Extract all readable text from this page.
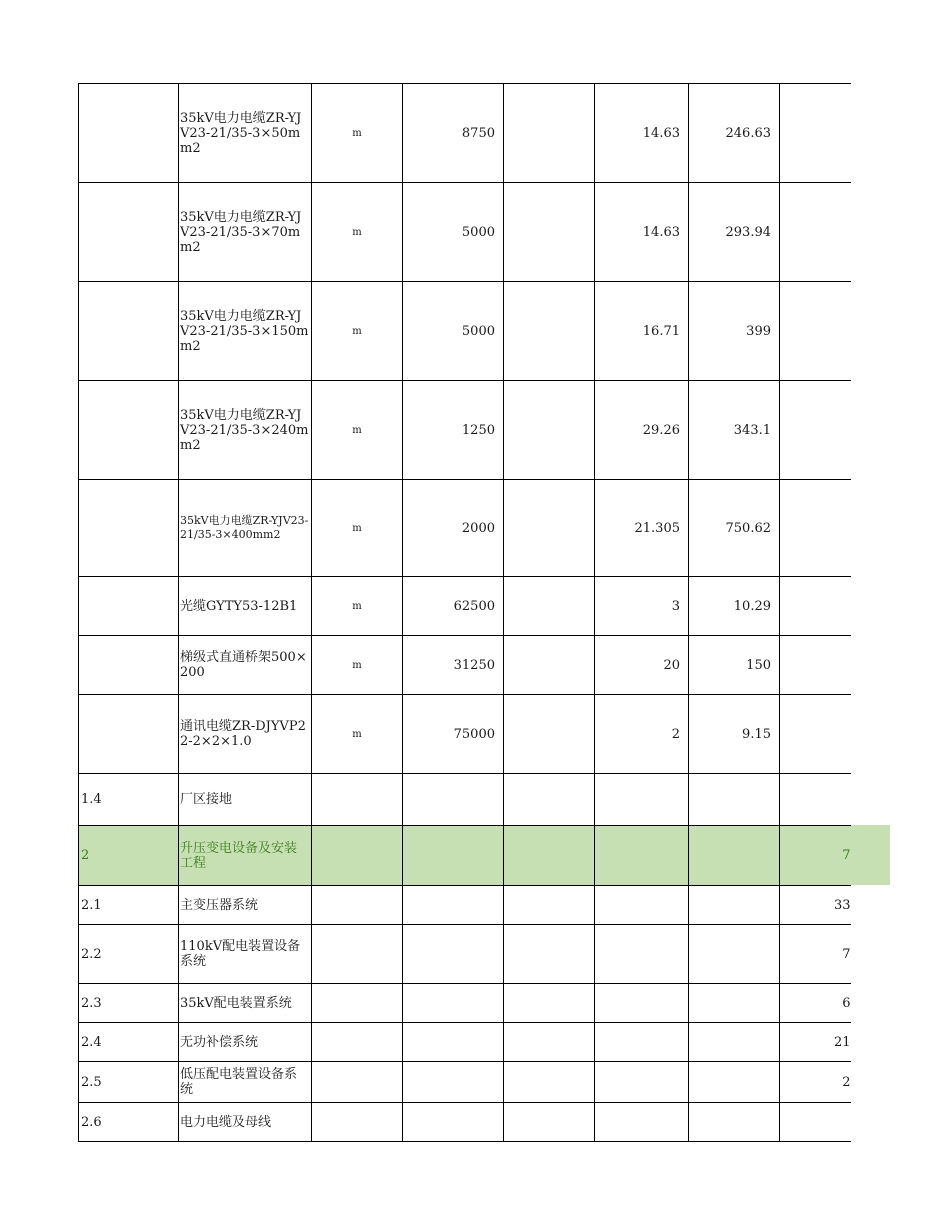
	35kV电力电缆ZR-YJV23-21/35-3×50mm2	m	8750		14.63	246.63	
	35kV电力电缆ZR-YJV23-21/35-3×70mm2	m	5000		14.63	293.94	
	35kV电力电缆ZR-YJV23-21/35-3×150mm2	m	5000		16.71	399	
	35kV电力电缆ZR-YJV23-21/35-3×240mm2	m	1250		29.26	343.1	
	35kV电力电缆ZR-YJV23-21/35-3×400mm2	m	2000		21.305	750.62	
	光缆GYTY53-12B1	m	62500		3	10.29	
	梯级式直通桥架500×200	m	31250		20	150	
	通讯电缆ZR-DJYVP22-2×2×1.0	m	75000		2	9.15	
1.4	厂区接地						
2	升压变电设备及安装工程						7
2.1	主变压器系统						33
2.2	110kV配电装置设备系统						7
2.3	35kV配电装置系统						6
2.4	无功补偿系统						21
2.5	低压配电装置设备系统						2
2.6	电力电缆及母线						
